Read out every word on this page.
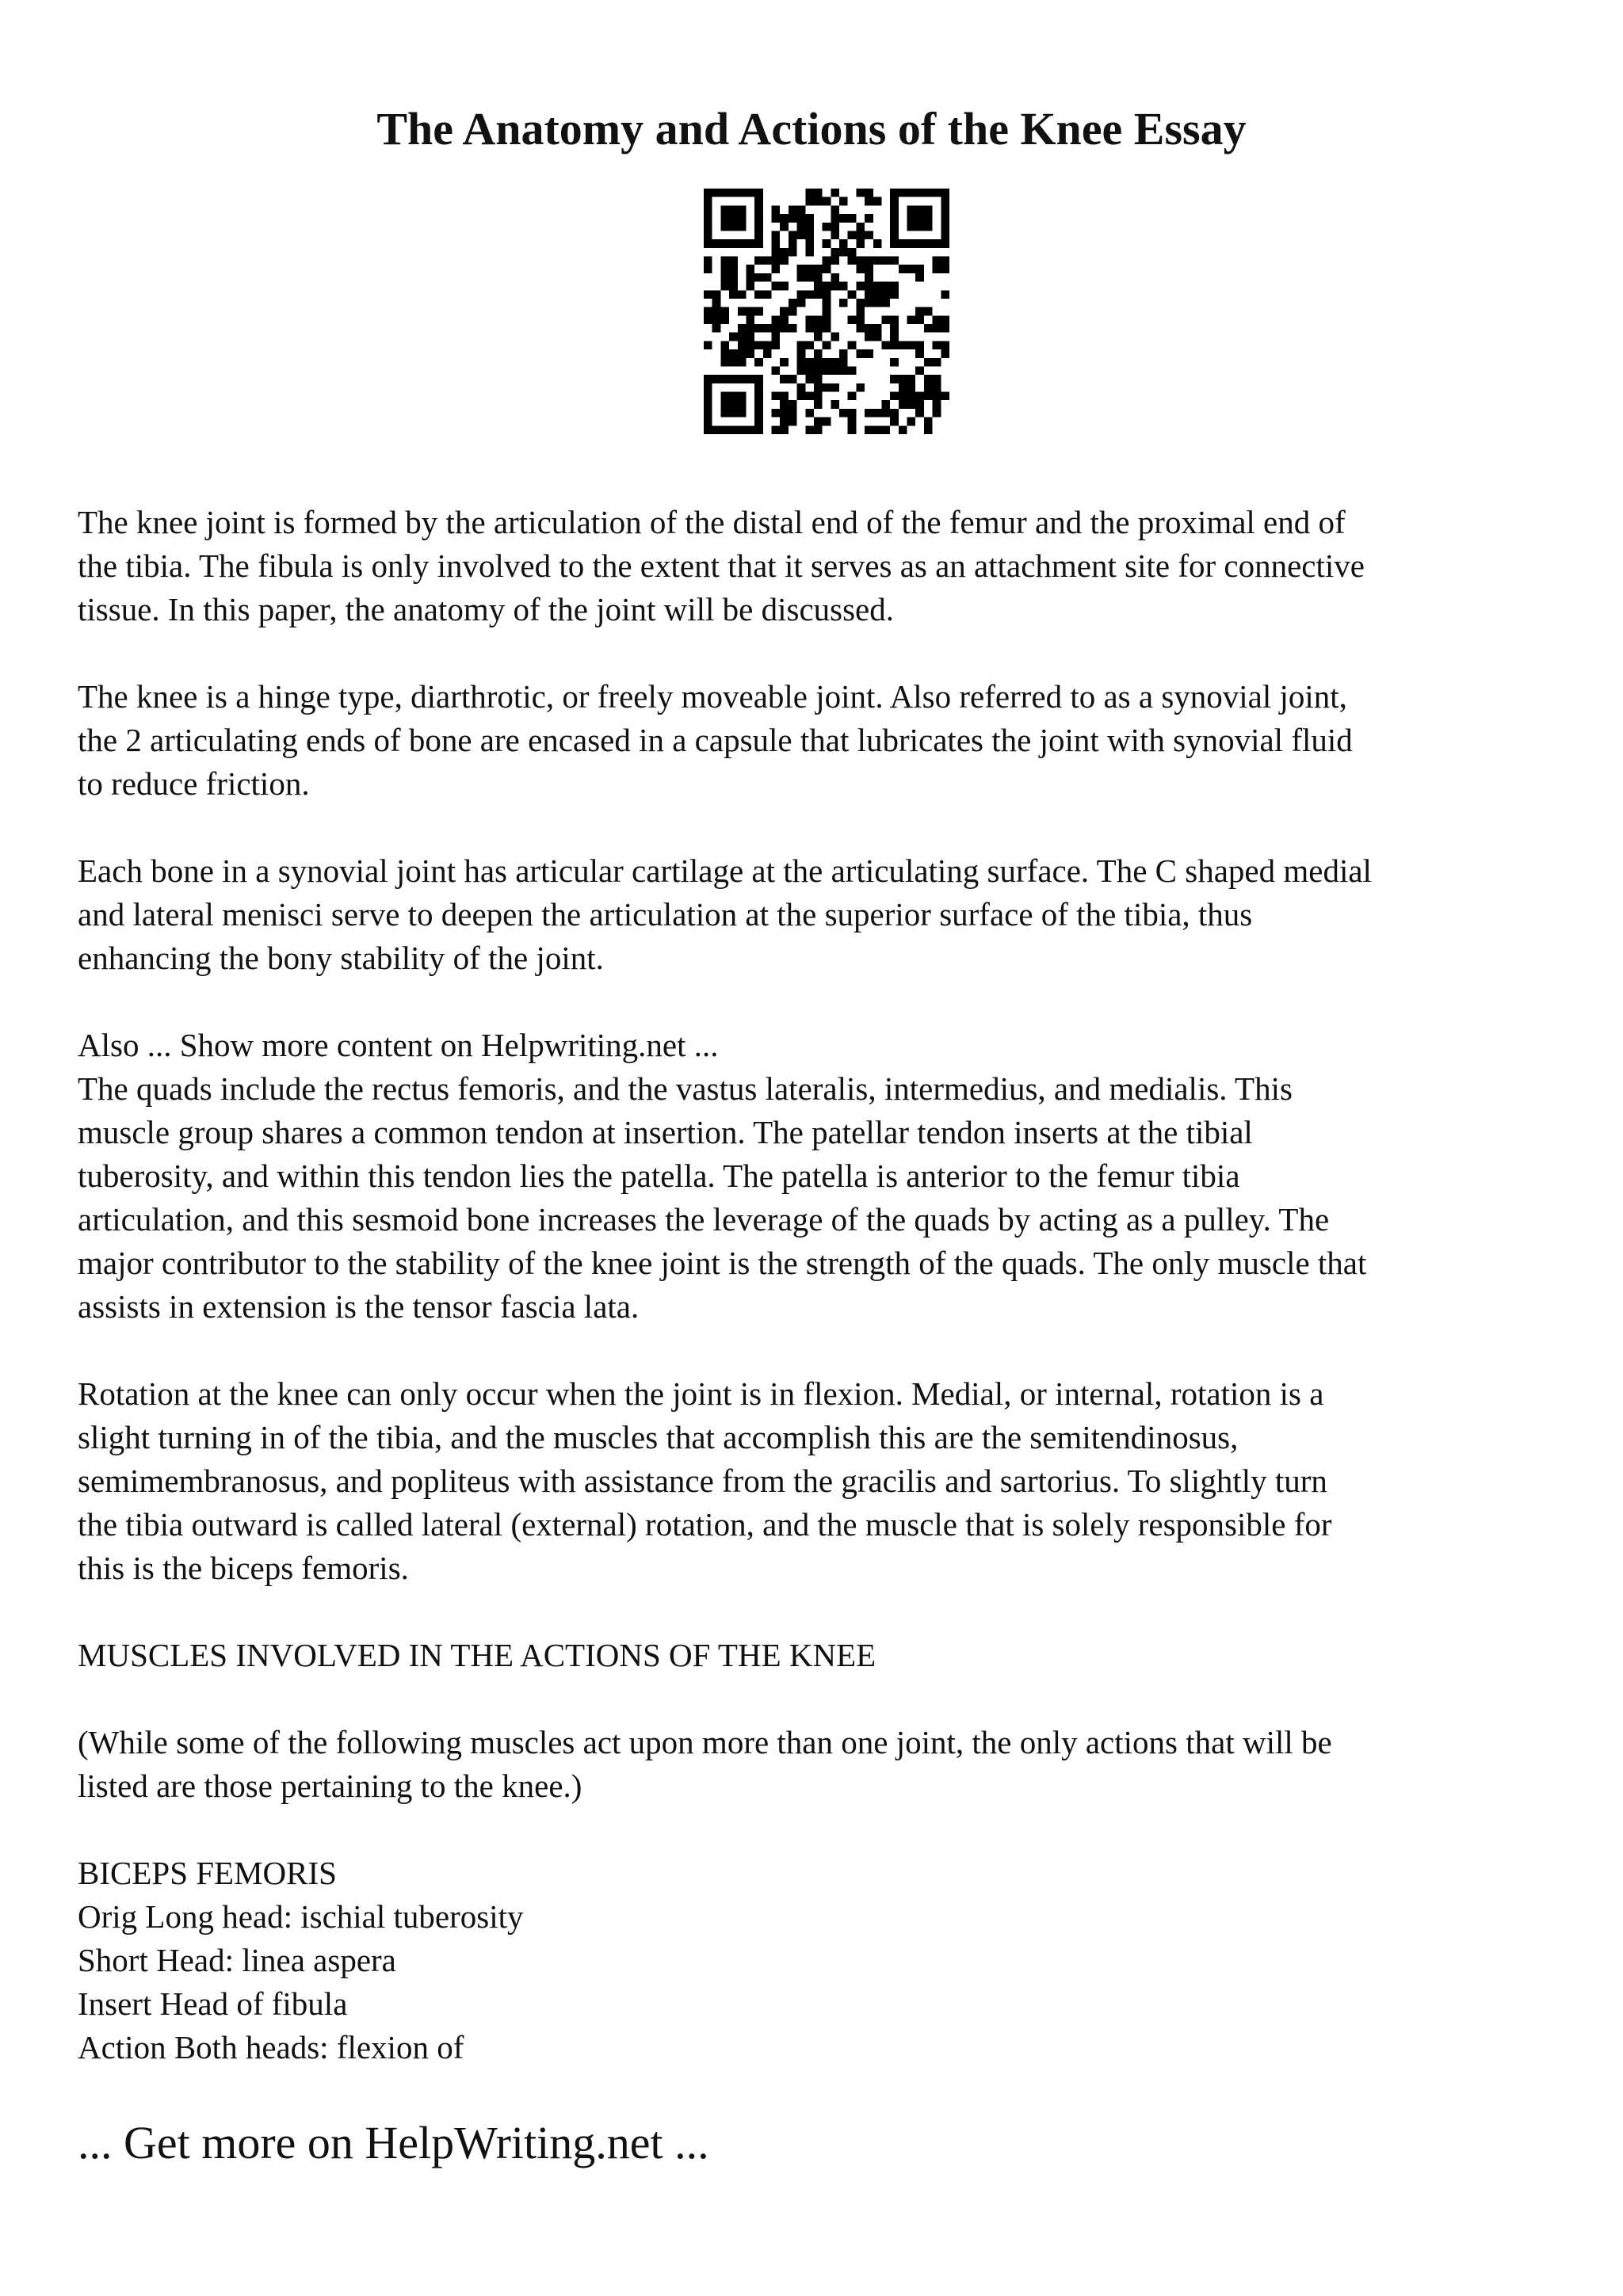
The Anatomy and Actions of the Knee Essay

The knee joint is formed by the articulation of the distal end of the femur and the proximal end of
the tibia. The fibula is only involved to the extent that it serves as an attachment site for connective
tissue. In this paper, the anatomy of the joint will be discussed.

The knee is a hinge type, diarthrotic, or freely moveable joint. Also referred to as a synovial joint,
the 2 articulating ends of bone are encased in a capsule that lubricates the joint with synovial fluid
to reduce friction.

Each bone in a synovial joint has articular cartilage at the articulating surface. The C shaped medial
and lateral menisci serve to deepen the articulation at the superior surface of the tibia, thus
enhancing the bony stability of the joint.

Also ... Show more content on Helpwriting.net ...

The quads include the rectus femoris, and the vastus lateralis, intermedius, and medialis. This
muscle group shares a common tendon at insertion. The patellar tendon inserts at the tibial
tuberosity, and within this tendon lies the patella. The patella is anterior to the femur tibia
articulation, and this sesmoid bone increases the leverage of the quads by acting as a pulley. The
major contributor to the stability of the knee joint is the strength of the quads. The only muscle that
assists in extension is the tensor fascia lata.

Rotation at the knee can only occur when the joint is in flexion. Medial, or internal, rotation is a
slight turning in of the tibia, and the muscles that accomplish this are the semitendinosus,
semimembranosus, and popliteus with assistance from the gracilis and sartorius. To slightly turn
the tibia outward is called lateral (external) rotation, and the muscle that is solely responsible for
this is the biceps femoris.

MUSCLES INVOLVED IN THE ACTIONS OF THE KNEE

(While some of the following muscles act upon more than one joint, the only actions that will be
listed are those pertaining to the knee.)

BICEPS FEMORIS
Orig Long head: ischial tuberosity
Short Head: linea aspera
Insert Head of fibula
Action Both heads: flexion of

... Get more on HelpWriting.net ...
